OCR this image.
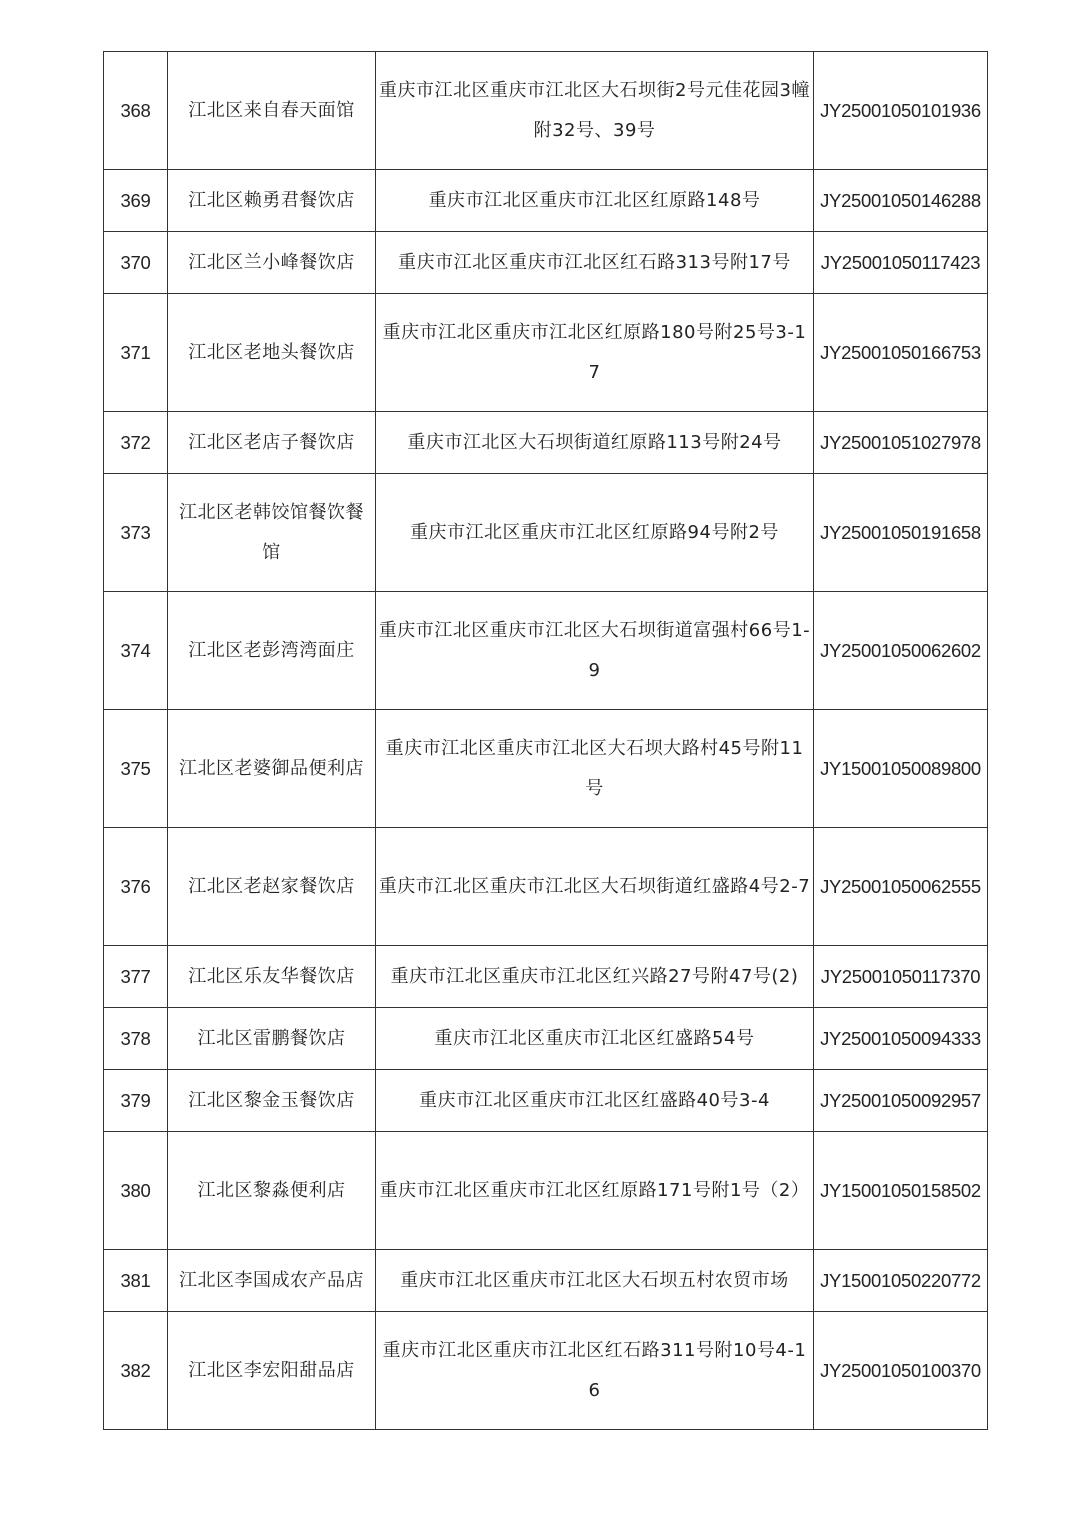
368	江北区来自春天面馆	重庆市江北区重庆市江北区大石坝街2号元佳花园3幢附32号、39号	JY25001050101936
369	江北区赖勇君餐饮店	重庆市江北区重庆市江北区红原路148号	JY25001050146288
370	江北区兰小峰餐饮店	重庆市江北区重庆市江北区红石路313号附17号	JY25001050117423
371	江北区老地头餐饮店	重庆市江北区重庆市江北区红原路180号附25号3-17	JY25001050166753
372	江北区老店子餐饮店	重庆市江北区大石坝街道红原路113号附24号	JY25001051027978
373	江北区老韩饺馆餐饮餐馆	重庆市江北区重庆市江北区红原路94号附2号	JY25001050191658
374	江北区老彭湾湾面庄	重庆市江北区重庆市江北区大石坝街道富强村66号1-9	JY25001050062602
375	江北区老婆御品便利店	重庆市江北区重庆市江北区大石坝大路村45号附11号	JY15001050089800
376	江北区老赵家餐饮店	重庆市江北区重庆市江北区大石坝街道红盛路4号2-7	JY25001050062555
377	江北区乐友华餐饮店	重庆市江北区重庆市江北区红兴路27号附47号(2)	JY25001050117370
378	江北区雷鹏餐饮店	重庆市江北区重庆市江北区红盛路54号	JY25001050094333
379	江北区黎金玉餐饮店	重庆市江北区重庆市江北区红盛路40号3-4	JY25001050092957
380	江北区黎淼便利店	重庆市江北区重庆市江北区红原路171号附1号（2）	JY15001050158502
381	江北区李国成农产品店	重庆市江北区重庆市江北区大石坝五村农贸市场	JY15001050220772
382	江北区李宏阳甜品店	重庆市江北区重庆市江北区红石路311号附10号4-16	JY25001050100370
